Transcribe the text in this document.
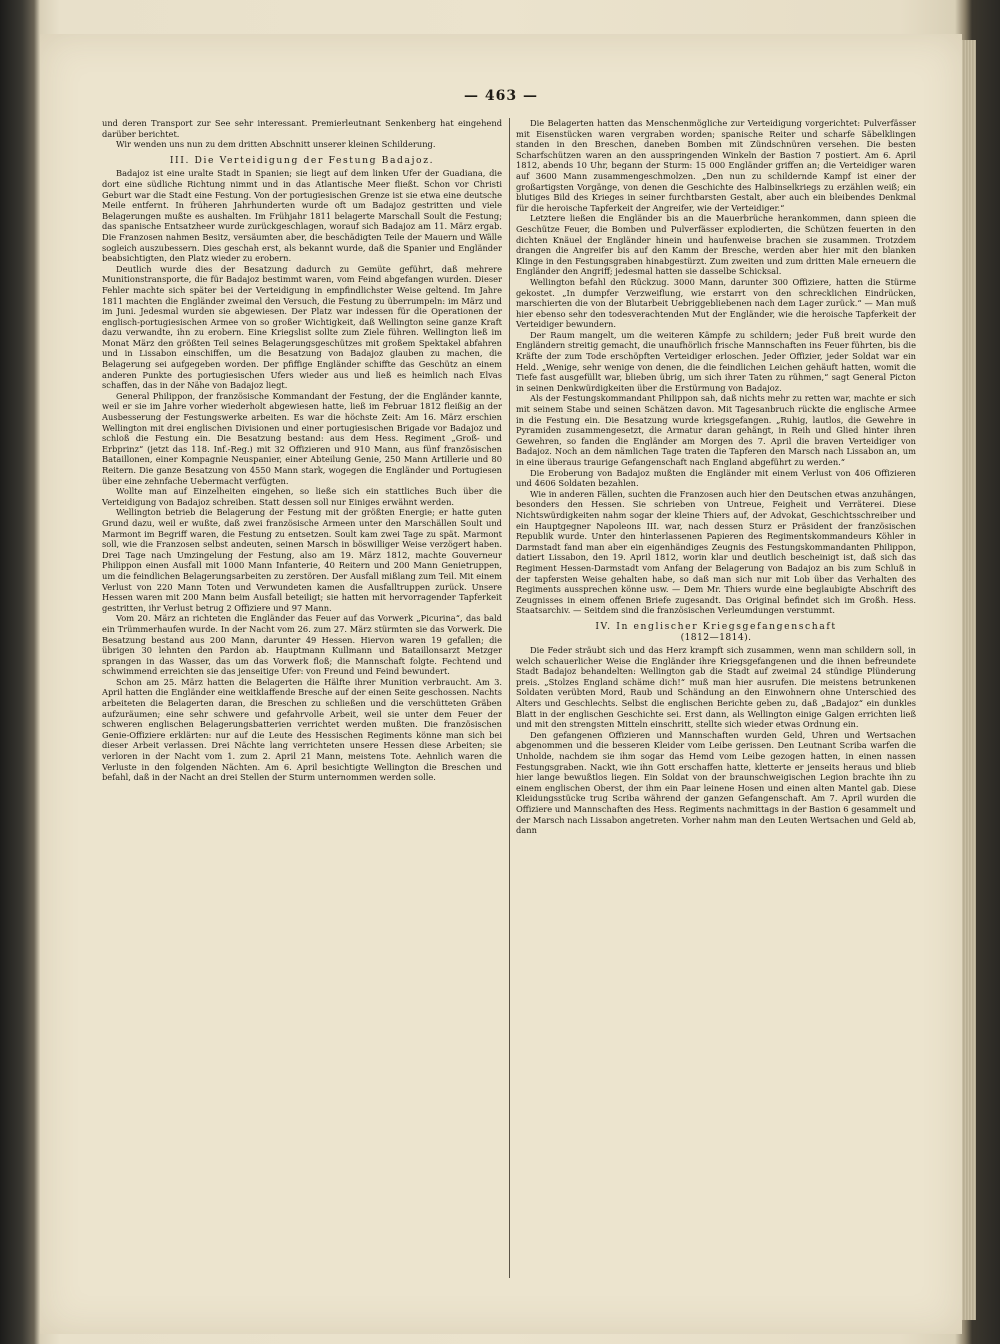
— 463 —

und deren Transport zur See sehr interessant. Premierleutnant Senkenberg hat eingehend darüber berichtet.

Wir wenden uns nun zu dem dritten Abschnitt unserer kleinen Schilderung.

III. Die Verteidigung der Festung Badajoz.

Badajoz ist eine uralte Stadt in Spanien; sie liegt auf dem linken Ufer der Guadiana, die dort eine südliche Richtung nimmt und in das Atlantische Meer fließt. Schon vor Christi Geburt war die Stadt eine Festung. Von der portugiesischen Grenze ist sie etwa eine deutsche Meile entfernt. In früheren Jahrhunderten wurde oft um Badajoz gestritten und viele Belagerungen mußte es aushalten. Im Frühjahr 1811 belagerte Marschall Soult die Festung; das spanische Entsatzheer wurde zurückgeschlagen, worauf sich Badajoz am 11. März ergab. Die Franzosen nahmen Besitz, versäumten aber, die beschädigten Teile der Mauern und Wälle sogleich auszubessern. Dies geschah erst, als bekannt wurde, daß die Spanier und Engländer beabsichtigten, den Platz wieder zu erobern.

Deutlich wurde dies der Besatzung dadurch zu Gemüte geführt, daß mehrere Munitionstransporte, die für Badajoz bestimmt waren, vom Feind abgefangen wurden. Dieser Fehler machte sich später bei der Verteidigung in empfindlichster Weise geltend. Im Jahre 1811 machten die Engländer zweimal den Versuch, die Festung zu überrumpeln: im März und im Juni. Jedesmal wurden sie abgewiesen. Der Platz war indessen für die Operationen der englisch-portugiesischen Armee von so großer Wichtigkeit, daß Wellington seine ganze Kraft dazu verwandte, ihn zu erobern. Eine Kriegslist sollte zum Ziele führen. Wellington ließ im Monat März den größten Teil seines Belagerungsgeschützes mit großem Spektakel abfahren und in Lissabon einschiffen, um die Besatzung von Badajoz glauben zu machen, die Belagerung sei aufgegeben worden. Der pfiffige Engländer schiffte das Geschütz an einem anderen Punkte des portugiesischen Ufers wieder aus und ließ es heimlich nach Elvas schaffen, das in der Nähe von Badajoz liegt.

General Philippon, der französische Kommandant der Festung, der die Engländer kannte, weil er sie im Jahre vorher wiederholt abgewiesen hatte, ließ im Februar 1812 fleißig an der Ausbesserung der Festungswerke arbeiten. Es war die höchste Zeit: Am 16. März erschien Wellington mit drei englischen Divisionen und einer portugiesischen Brigade vor Badajoz und schloß die Festung ein. Die Besatzung bestand: aus dem Hess. Regiment „Groß- und Erbprinz“ (jetzt das 118. Inf.-Reg.) mit 32 Offizieren und 910 Mann, aus fünf französischen Bataillonen, einer Kompagnie Neuspanier, einer Abteilung Genie, 250 Mann Artillerie und 80 Reitern. Die ganze Besatzung von 4550 Mann stark, wogegen die Engländer und Portugiesen über eine zehnfache Uebermacht verfügten.

Wollte man auf Einzelheiten eingehen, so ließe sich ein stattliches Buch über die Verteidigung von Badajoz schreiben. Statt dessen soll nur Einiges erwähnt werden.

Wellington betrieb die Belagerung der Festung mit der größten Energie; er hatte guten Grund dazu, weil er wußte, daß zwei französische Armeen unter den Marschällen Soult und Marmont im Begriff waren, die Festung zu entsetzen. Soult kam zwei Tage zu spät. Marmont soll, wie die Franzosen selbst andeuten, seinen Marsch in böswilliger Weise verzögert haben. Drei Tage nach Umzingelung der Festung, also am 19. März 1812, machte Gouverneur Philippon einen Ausfall mit 1000 Mann Infanterie, 40 Reitern und 200 Mann Genietruppen, um die feindlichen Belagerungsarbeiten zu zerstören. Der Ausfall mißlang zum Teil. Mit einem Verlust von 220 Mann Toten und Verwundeten kamen die Ausfalltruppen zurück. Unsere Hessen waren mit 200 Mann beim Ausfall beteiligt; sie hatten mit hervorragender Tapferkeit gestritten, ihr Verlust betrug 2 Offiziere und 97 Mann.

Vom 20. März an richteten die Engländer das Feuer auf das Vorwerk „Picurina“, das bald ein Trümmerhaufen wurde. In der Nacht vom 26. zum 27. März stürmten sie das Vorwerk. Die Besatzung bestand aus 200 Mann, darunter 49 Hessen. Hiervon waren 19 gefallen; die übrigen 30 lehnten den Pardon ab. Hauptmann Kullmann und Bataillonsarzt Metzger sprangen in das Wasser, das um das Vorwerk floß; die Mannschaft folgte. Fechtend und schwimmend erreichten sie das jenseitige Ufer: von Freund und Feind bewundert.

Schon am 25. März hatten die Belagerten die Hälfte ihrer Munition verbraucht. Am 3. April hatten die Engländer eine weitklaffende Bresche auf der einen Seite geschossen. Nachts arbeiteten die Belagerten daran, die Breschen zu schließen und die verschütteten Gräben aufzuräumen; eine sehr schwere und gefahrvolle Arbeit, weil sie unter dem Feuer der schweren englischen Belagerungsbatterien verrichtet werden mußten. Die französischen Genie-Offiziere erklärten: nur auf die Leute des Hessischen Regiments könne man sich bei dieser Arbeit verlassen. Drei Nächte lang verrichteten unsere Hessen diese Arbeiten; sie verloren in der Nacht vom 1. zum 2. April 21 Mann, meistens Tote. Aehnlich waren die Verluste in den folgenden Nächten. Am 6. April besichtigte Wellington die Breschen und befahl, daß in der Nacht an drei Stellen der Sturm unternommen werden solle.

Die Belagerten hatten das Menschenmögliche zur Verteidigung vorgerichtet: Pulverfässer mit Eisenstücken waren vergraben worden; spanische Reiter und scharfe Säbelklingen standen in den Breschen, daneben Bomben mit Zündschnüren versehen. Die besten Scharfschützen waren an den ausspringenden Winkeln der Bastion 7 postiert. Am 6. April 1812, abends 10 Uhr, begann der Sturm: 15 000 Engländer griffen an; die Verteidiger waren auf 3600 Mann zusammengeschmolzen. „Den nun zu schildernde Kampf ist einer der großartigsten Vorgänge, von denen die Geschichte des Halbinselkriegs zu erzählen weiß; ein blutiges Bild des Krieges in seiner furchtbarsten Gestalt, aber auch ein bleibendes Denkmal für die heroische Tapferkeit der Angreifer, wie der Verteidiger.“

Letztere ließen die Engländer bis an die Mauerbrüche herankommen, dann spieen die Geschütze Feuer, die Bomben und Pulverfässer explodierten, die Schützen feuerten in den dichten Knäuel der Engländer hinein und haufenweise brachen sie zusammen. Trotzdem drangen die Angreifer bis auf den Kamm der Bresche, werden aber hier mit den blanken Klinge in den Festungsgraben hinabgestürzt. Zum zweiten und zum dritten Male erneuern die Engländer den Angriff; jedesmal hatten sie dasselbe Schicksal.

Wellington befahl den Rückzug. 3000 Mann, darunter 300 Offiziere, hatten die Stürme gekostet. „In dumpfer Verzweiflung, wie erstarrt von den schrecklichen Eindrücken, marschierten die von der Blutarbeit Uebriggebliebenen nach dem Lager zurück.“ — Man muß hier ebenso sehr den todesverachtenden Mut der Engländer, wie die heroische Tapferkeit der Verteidiger bewundern.

Der Raum mangelt, um die weiteren Kämpfe zu schildern; jeder Fuß breit wurde den Engländern streitig gemacht, die unaufhörlich frische Mannschaften ins Feuer führten, bis die Kräfte der zum Tode erschöpften Verteidiger erloschen. Jeder Offizier, jeder Soldat war ein Held. „Wenige, sehr wenige von denen, die die feindlichen Leichen gehäuft hatten, womit die Tiefe fast ausgefüllt war, blieben übrig, um sich ihrer Taten zu rühmen,“ sagt General Picton in seinen Denkwürdigkeiten über die Erstürmung von Badajoz.

Als der Festungskommandant Philippon sah, daß nichts mehr zu retten war, machte er sich mit seinem Stabe und seinen Schätzen davon. Mit Tagesanbruch rückte die englische Armee in die Festung ein. Die Besatzung wurde kriegsgefangen. „Ruhig, lautlos, die Gewehre in Pyramiden zusammengesetzt, die Armatur daran gehängt, in Reih und Glied hinter ihren Gewehren, so fanden die Engländer am Morgen des 7. April die braven Verteidiger von Badajoz. Noch an dem nämlichen Tage traten die Tapferen den Marsch nach Lissabon an, um in eine überaus traurige Gefangenschaft nach England abgeführt zu werden.“

Die Eroberung von Badajoz mußten die Engländer mit einem Verlust von 406 Offizieren und 4606 Soldaten bezahlen.

Wie in anderen Fällen, suchten die Franzosen auch hier den Deutschen etwas anzuhängen, besonders den Hessen. Sie schrieben von Untreue, Feigheit und Verräterei. Diese Nichtswürdigkeiten nahm sogar der kleine Thiers auf, der Advokat, Geschichtsschreiber und ein Hauptgegner Napoleons III. war, nach dessen Sturz er Präsident der französischen Republik wurde. Unter den hinterlassenen Papieren des Regimentskommandeurs Köhler in Darmstadt fand man aber ein eigenhändiges Zeugnis des Festungskommandanten Philippon, datiert Lissabon, den 19. April 1812, worin klar und deutlich bescheinigt ist, daß sich das Regiment Hessen-Darmstadt vom Anfang der Belagerung von Badajoz an bis zum Schluß in der tapfersten Weise gehalten habe, so daß man sich nur mit Lob über das Verhalten des Regiments aussprechen könne usw. — Dem Mr. Thiers wurde eine beglaubigte Abschrift des Zeugnisses in einem offenen Briefe zugesandt. Das Original befindet sich im Großh. Hess. Staatsarchiv. — Seitdem sind die französischen Verleumdungen verstummt.

IV. In englischer Kriegsgefangenschaft
(1812—1814).

Die Feder sträubt sich und das Herz krampft sich zusammen, wenn man schildern soll, in welch schauerlicher Weise die Engländer ihre Kriegsgefangenen und die ihnen befreundete Stadt Badajoz behandelten: Wellington gab die Stadt auf zweimal 24 stündige Plünderung preis. „Stolzes England schäme dich!“ muß man hier ausrufen. Die meistens betrunkenen Soldaten verübten Mord, Raub und Schändung an den Einwohnern ohne Unterschied des Alters und Geschlechts. Selbst die englischen Berichte geben zu, daß „Badajoz“ ein dunkles Blatt in der englischen Geschichte sei. Erst dann, als Wellington einige Galgen errichten ließ und mit den strengsten Mitteln einschritt, stellte sich wieder etwas Ordnung ein.

Den gefangenen Offizieren und Mannschaften wurden Geld, Uhren und Wertsachen abgenommen und die besseren Kleider vom Leibe gerissen. Den Leutnant Scriba warfen die Unholde, nachdem sie ihm sogar das Hemd vom Leibe gezogen hatten, in einen nassen Festungsgraben. Nackt, wie ihn Gott erschaffen hatte, kletterte er jenseits heraus und blieb hier lange bewußtlos liegen. Ein Soldat von der braunschweigischen Legion brachte ihn zu einem englischen Oberst, der ihm ein Paar leinene Hosen und einen alten Mantel gab. Diese Kleidungsstücke trug Scriba während der ganzen Gefangenschaft. Am 7. April wurden die Offiziere und Mannschaften des Hess. Regiments nachmittags in der Bastion 6 gesammelt und der Marsch nach Lissabon angetreten. Vorher nahm man den Leuten Wertsachen und Geld ab, dann
